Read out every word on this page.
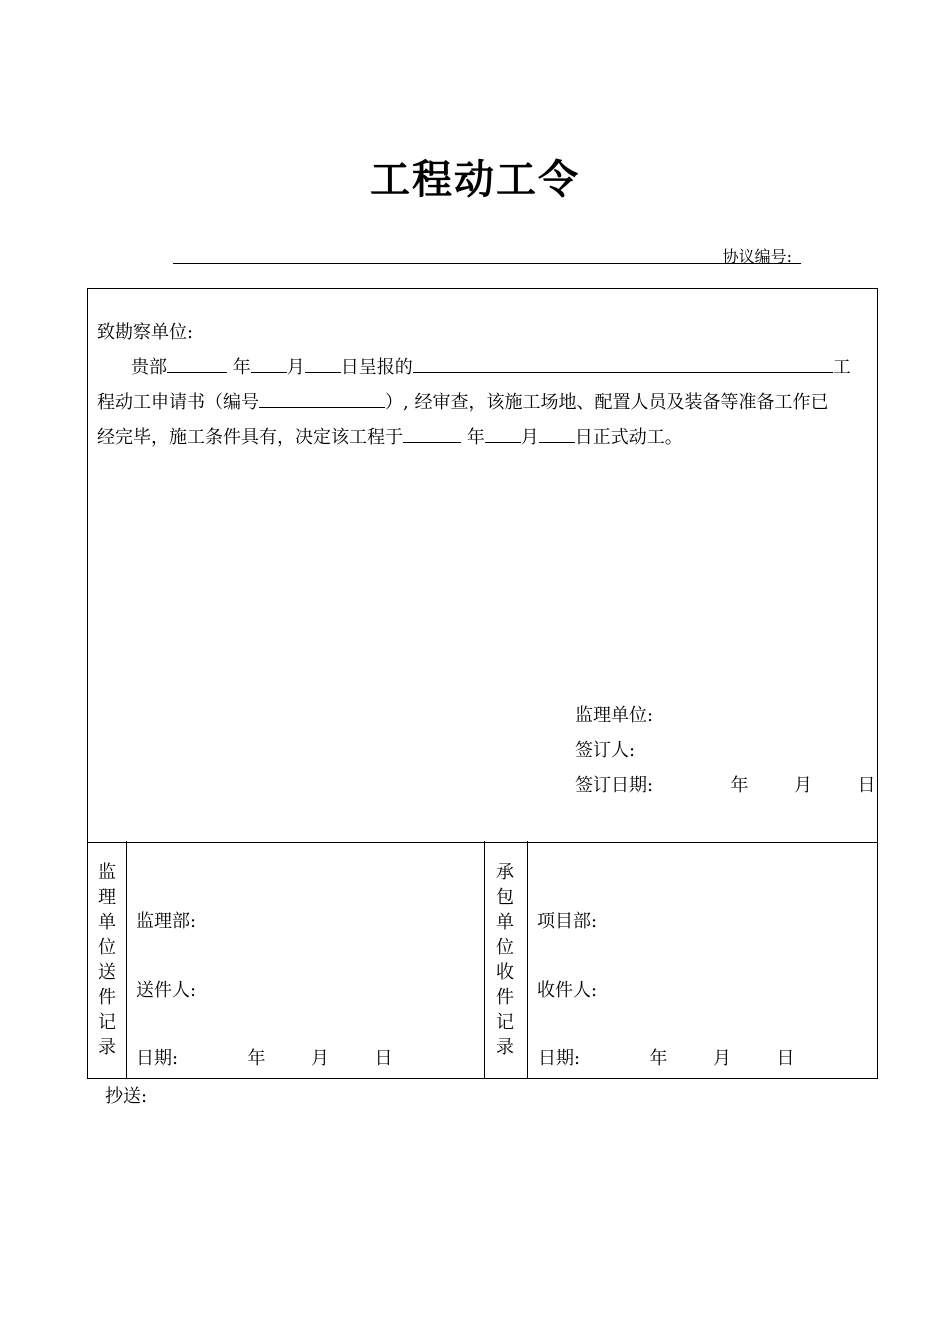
工程动工令
协议编号:
致勘察单位:
贵部	年 月 日呈报的	工
程动工申请书（编号	）, 经审查，该施工场地、配置人员及装备等准备工作已
经完毕，施工条件具有，决定该工程于	年 月 日正式动工。
监理单位:
签订人:
签订日期:	年	月	日
监
理
单
位
送
件
记
录
监理部:
送件人:
日期:	年	月	日
承
包
单
位
收
件
记
录
项目部:
收件人:
日期:	年	月	日
抄送:
